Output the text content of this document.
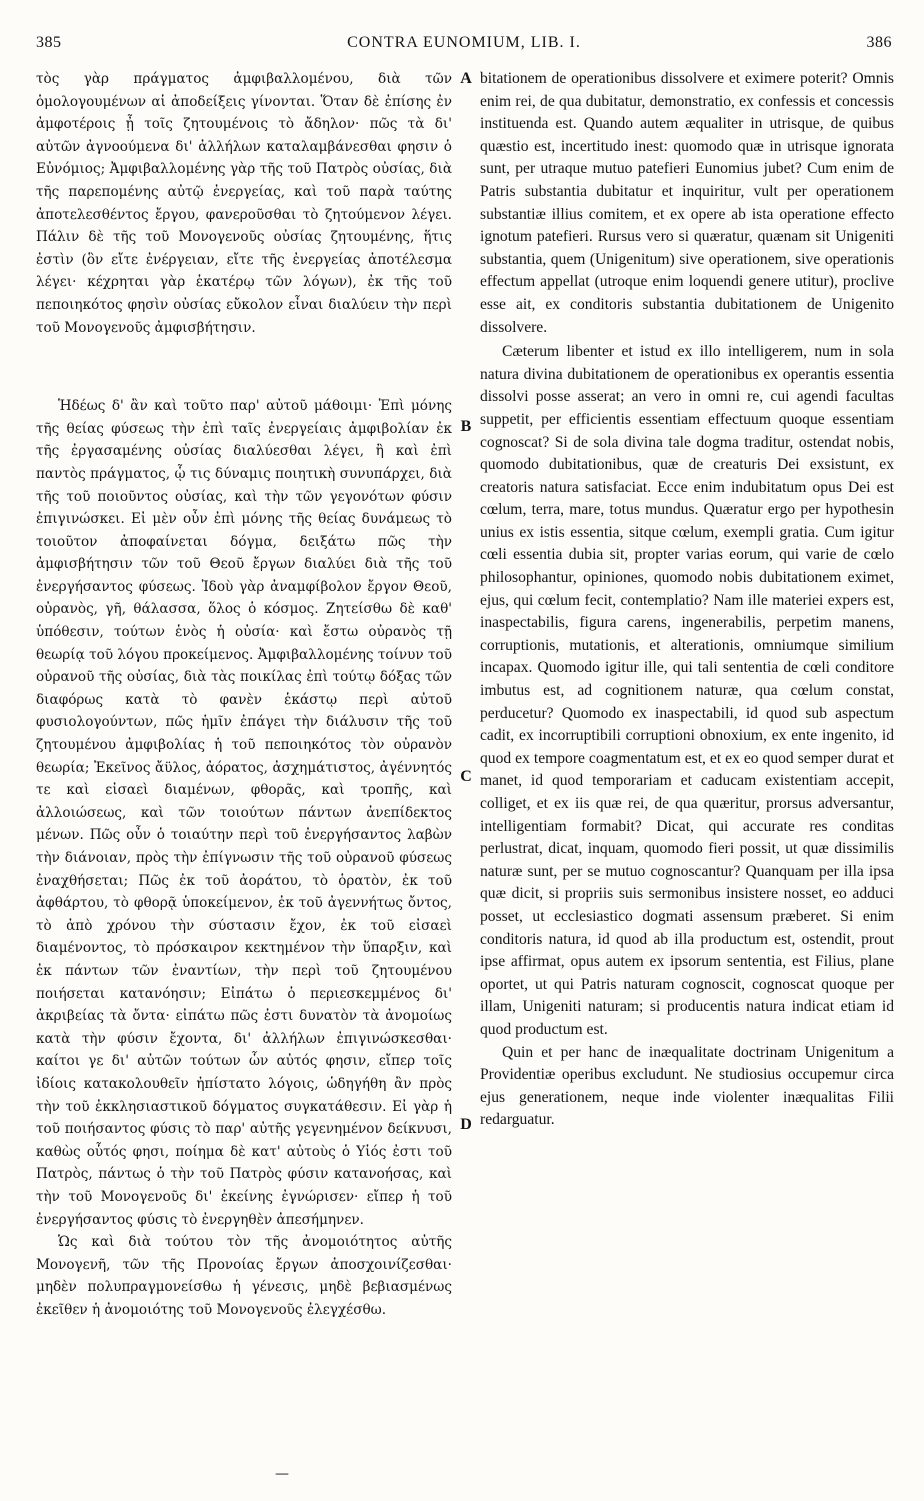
385	CONTRA EUNOMIUM, LIB. I.	386

τὸς γὰρ πράγματος ἀμφιβαλλομένου, διὰ τῶν ὁμολογουμένων αἱ ἀποδείξεις γίνονται. Ὅταν δὲ ἐπίσης ἐν ἀμφοτέροις ᾖ τοῖς ζητουμένοις τὸ ἄδηλον· πῶς τὰ δι' αὐτῶν ἀγνοούμενα δι' ἀλλήλων καταλαμβάνεσθαι φησιν ὁ Εὐνόμιος; Ἀμφιβαλλομένης γὰρ τῆς τοῦ Πατρὸς οὐσίας, διὰ τῆς παρεπομένης αὐτῷ ἐνεργείας, καὶ τοῦ παρὰ ταύτης ἀποτελεσθέντος ἔργου, φανεροῦσθαι τὸ ζητούμενον λέγει. Πάλιν δὲ τῆς τοῦ Μονογενοῦς οὐσίας ζητουμένης, ἥτις ἐστὶν (ὃν εἴτε ἐνέργειαν, εἴτε τῆς ἐνεργείας ἀποτέλεσμα λέγει· κέχρηται γὰρ ἑκατέρῳ τῶν λόγων), ἐκ τῆς τοῦ πεποιηκότος φησὶν οὐσίας εὔκολον εἶναι διαλύειν τὴν περὶ τοῦ Μονογενοῦς ἀμφισβήτησιν.

Ἡδέως δ' ἂν καὶ τοῦτο παρ' αὐτοῦ μάθοιμι· Ἐπὶ μόνης τῆς θείας φύσεως τὴν ἐπὶ ταῖς ἐνεργείαις ἀμφιβολίαν ἐκ τῆς ἐργασαμένης οὐσίας διαλύεσθαι λέγει, ἢ καὶ ἐπὶ παντὸς πράγματος, ᾧ τις δύναμις ποιητικὴ συνυπάρχει, διὰ τῆς τοῦ ποιοῦντος οὐσίας, καὶ τὴν τῶν γεγονότων φύσιν ἐπιγινώσκει. Εἰ μὲν οὖν ἐπὶ μόνης τῆς θείας δυνάμεως τὸ τοιοῦτον ἀποφαίνεται δόγμα, δειξάτω πῶς τὴν ἀμφισβήτησιν τῶν τοῦ Θεοῦ ἔργων διαλύει διὰ τῆς τοῦ ἐνεργήσαντος φύσεως. Ἰδοὺ γὰρ ἀναμφίβολον ἔργον Θεοῦ, οὐρανὸς, γῆ, θάλασσα, ὅλος ὁ κόσμος. Ζητείσθω δὲ καθ' ὑπόθεσιν, τούτων ἑνὸς ἡ οὐσία· καὶ ἔστω οὐρανὸς τῇ θεωρίᾳ τοῦ λόγου προκείμενος. Ἀμφιβαλλομένης τοίνυν τοῦ οὐρανοῦ τῆς οὐσίας, διὰ τὰς ποικίλας ἐπὶ τούτῳ δόξας τῶν διαφόρως κατὰ τὸ φανὲν ἑκάστῳ περὶ αὐτοῦ φυσιολογούντων, πῶς ἡμῖν ἐπάγει τὴν διάλυσιν τῆς τοῦ ζητουμένου ἀμφιβολίας ἡ τοῦ πεποιηκότος τὸν οὐρανὸν θεωρία; Ἐκεῖνος ἄϋλος, ἀόρατος, ἀσχημάτιστος, ἀγέννητός τε καὶ εἰσαεὶ διαμένων, φθορᾶς, καὶ τροπῆς, καὶ ἀλλοιώσεως, καὶ τῶν τοιούτων πάντων ἀνεπίδεκτος μένων. Πῶς οὖν ὁ τοιαύτην περὶ τοῦ ἐνεργήσαντος λαβὼν τὴν διάνοιαν, πρὸς τὴν ἐπίγνωσιν τῆς τοῦ οὐρανοῦ φύσεως ἐναχθήσεται; Πῶς ἐκ τοῦ ἀοράτου, τὸ ὁρατὸν, ἐκ τοῦ ἀφθάρτου, τὸ φθορᾷ ὑποκείμενον, ἐκ τοῦ ἀγεννήτως ὄντος, τὸ ἀπὸ χρόνου τὴν σύστασιν ἔχον, ἐκ τοῦ εἰσαεὶ διαμένοντος, τὸ πρόσκαιρον κεκτημένον τὴν ὕπαρξιν, καὶ ἐκ πάντων τῶν ἐναντίων, τὴν περὶ τοῦ ζητουμένου ποιήσεται κατανόησιν; Εἰπάτω ὁ περιεσκεμμένος δι' ἀκριβείας τὰ ὄντα· εἰπάτω πῶς ἐστι δυνατὸν τὰ ἀνομοίως κατὰ τὴν φύσιν ἔχοντα, δι' ἀλλήλων ἐπιγινώσκεσθαι· καίτοι γε δι' αὐτῶν τούτων ὧν αὐτός φησιν, εἴπερ τοῖς ἰδίοις κατακολουθεῖν ἠπίστατο λόγοις, ὡδηγήθη ἂν πρὸς τὴν τοῦ ἐκκλησιαστικοῦ δόγματος συγκατάθεσιν. Εἰ γὰρ ἡ τοῦ ποιήσαντος φύσις τὸ παρ' αὐτῆς γεγενημένον δείκνυσι, καθὼς οὗτός φησι, ποίημα δὲ κατ' αὐτοὺς ὁ Υἱός ἐστι τοῦ Πατρὸς, πάντως ὁ τὴν τοῦ Πατρὸς φύσιν κατανοήσας, καὶ τὴν τοῦ Μονογενοῦς δι' ἐκείνης ἐγνώρισεν· εἴπερ ἡ τοῦ ἐνεργήσαντος φύσις τὸ ἐνεργηθὲν ἀπεσήμηνεν.

Ὡς καὶ διὰ τούτου τὸν τῆς ἀνομοιότητος αὐτῆς Μονογενῆ, τῶν τῆς Προνοίας ἔργων ἀποσχοινίζεσθαι· μηδὲν πολυπραγμονείσθω ἡ γένεσις, μηδὲ βεβιασμένως ἐκεῖθεν ἡ ἀνομοιότης τοῦ Μονογενοῦς ἐλεγχέσθω.

A
B
C
D

bitationem de operationibus dissolvere et eximere poterit? Omnis enim rei, de qua dubitatur, demonstratio, ex confessis et concessis instituenda est. Quando autem æqualiter in utrisque, de quibus quæstio est, incertitudo inest: quomodo quæ in utrisque ignorata sunt, per utraque mutuo patefieri Eunomius jubet? Cum enim de Patris substantia dubitatur et inquiritur, vult per operationem substantiæ illius comitem, et ex opere ab ista operatione effecto ignotum patefieri. Rursus vero si quæratur, quænam sit Unigeniti substantia, quem (Unigenitum) sive operationem, sive operationis effectum appellat (utroque enim loquendi genere utitur), proclive esse ait, ex conditoris substantia dubitationem de Unigenito dissolvere.

Cæterum libenter et istud ex illo intelligerem, num in sola natura divina dubitationem de operationibus ex operantis essentia dissolvi posse asserat; an vero in omni re, cui agendi facultas suppetit, per efficientis essentiam effectuum quoque essentiam cognoscat? Si de sola divina tale dogma traditur, ostendat nobis, quomodo dubitationibus, quæ de creaturis Dei exsistunt, ex creatoris natura satisfaciat. Ecce enim indubitatum opus Dei est cœlum, terra, mare, totus mundus. Quæratur ergo per hypothesin unius ex istis essentia, sitque cœlum, exempli gratia. Cum igitur cœli essentia dubia sit, propter varias eorum, qui varie de cœlo philosophantur, opiniones, quomodo nobis dubitationem eximet, ejus, qui cœlum fecit, contemplatio? Nam ille materiei expers est, inaspectabilis, figura carens, ingenerabilis, perpetim manens, corruptionis, mutationis, et alterationis, omniumque similium incapax. Quomodo igitur ille, qui tali sententia de cœli conditore imbutus est, ad cognitionem naturæ, qua cœlum constat, perducetur? Quomodo ex inaspectabili, id quod sub aspectum cadit, ex incorruptibili corruptioni obnoxium, ex ente ingenito, id quod ex tempore coagmentatum est, et ex eo quod semper durat et manet, id quod temporariam et caducam existentiam accepit, colliget, et ex iis quæ rei, de qua quæritur, prorsus adversantur, intelligentiam formabit? Dicat, qui accurate res conditas perlustrat, dicat, inquam, quomodo fieri possit, ut quæ dissimilis naturæ sunt, per se mutuo cognoscantur? Quanquam per illa ipsa quæ dicit, si propriis suis sermonibus insistere nosset, eo adduci posset, ut ecclesiastico dogmati assensum præberet. Si enim conditoris natura, id quod ab illa productum est, ostendit, prout ipse affirmat, opus autem ex ipsorum sententia, est Filius, plane oportet, ut qui Patris naturam cognoscit, cognoscat quoque per illam, Unigeniti naturam; si producentis natura indicat etiam id quod productum est.

Quin et per hanc de inæqualitate doctrinam Unigenitum a Providentiæ operibus excludunt. Ne studiosius occupemur circa ejus generationem, neque inde violenter inæqualitas Filii redarguatur.

—
